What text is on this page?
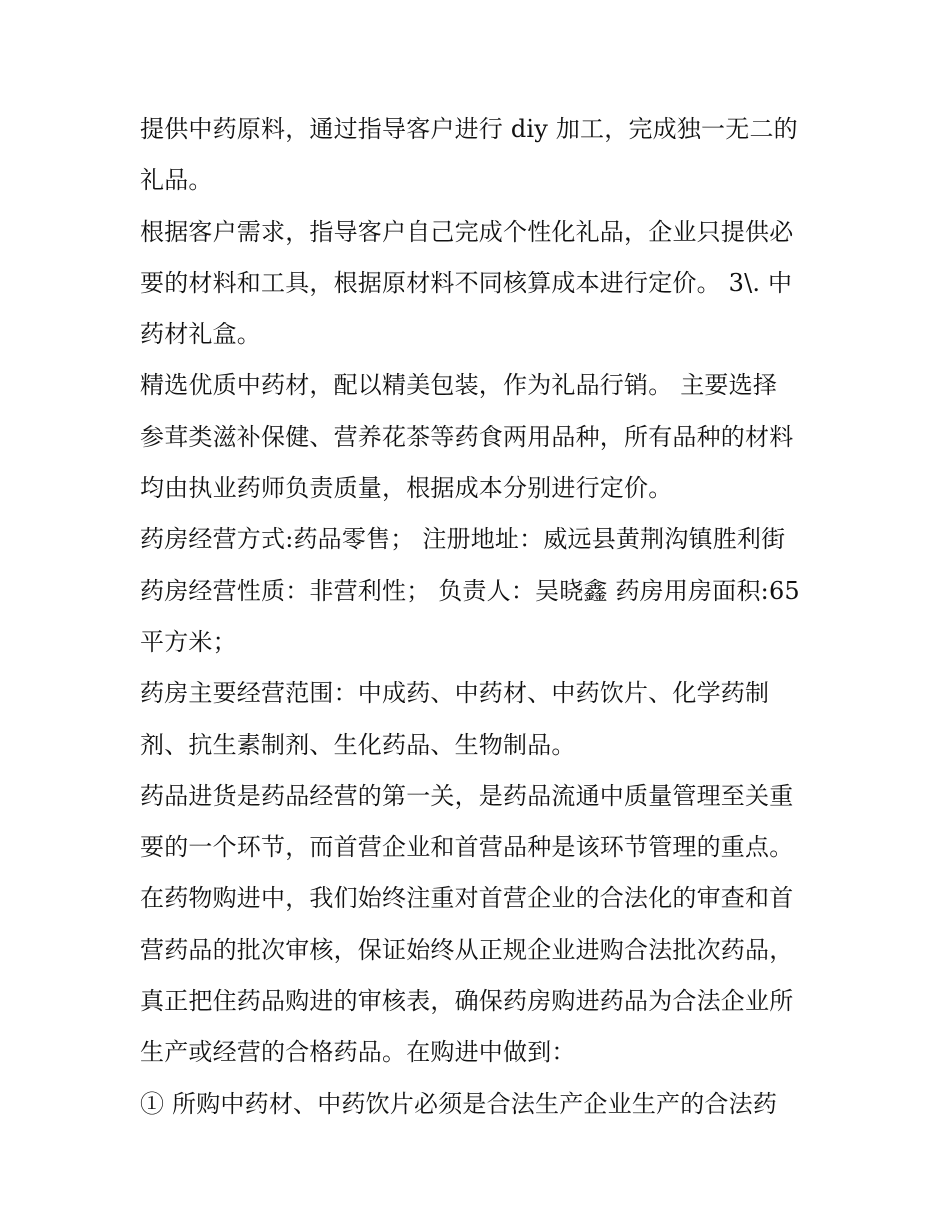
提供中药原料，通过指导客户进行 diy 加工，完成独一无二的
礼品。
根据客户需求，指导客户自己完成个性化礼品，企业只提供必
要的材料和工具，根据原材料不同核算成本进行定价。 3\. 中
药材礼盒。
精选优质中药材，配以精美包装，作为礼品行销。 主要选择
参茸类滋补保健、营养花茶等药食两用品种，所有品种的材料
均由执业药师负责质量，根据成本分别进行定价。
药房经营方式:药品零售； 注册地址：威远县黄荆沟镇胜利街
药房经营性质：非营利性； 负责人：吴晓鑫 药房用房面积:65
平方米；
药房主要经营范围：中成药、中药材、中药饮片、化学药制
剂、抗生素制剂、生化药品、生物制品。
药品进货是药品经营的第一关，是药品流通中质量管理至关重
要的一个环节，而首营企业和首营品种是该环节管理的重点。
在药物购进中，我们始终注重对首营企业的合法化的审查和首
营药品的批次审核，保证始终从正规企业进购合法批次药品，
真正把住药品购进的审核表，确保药房购进药品为合法企业所
生产或经营的合格药品。在购进中做到：
① 所购中药材、中药饮片必须是合法生产企业生产的合法药
